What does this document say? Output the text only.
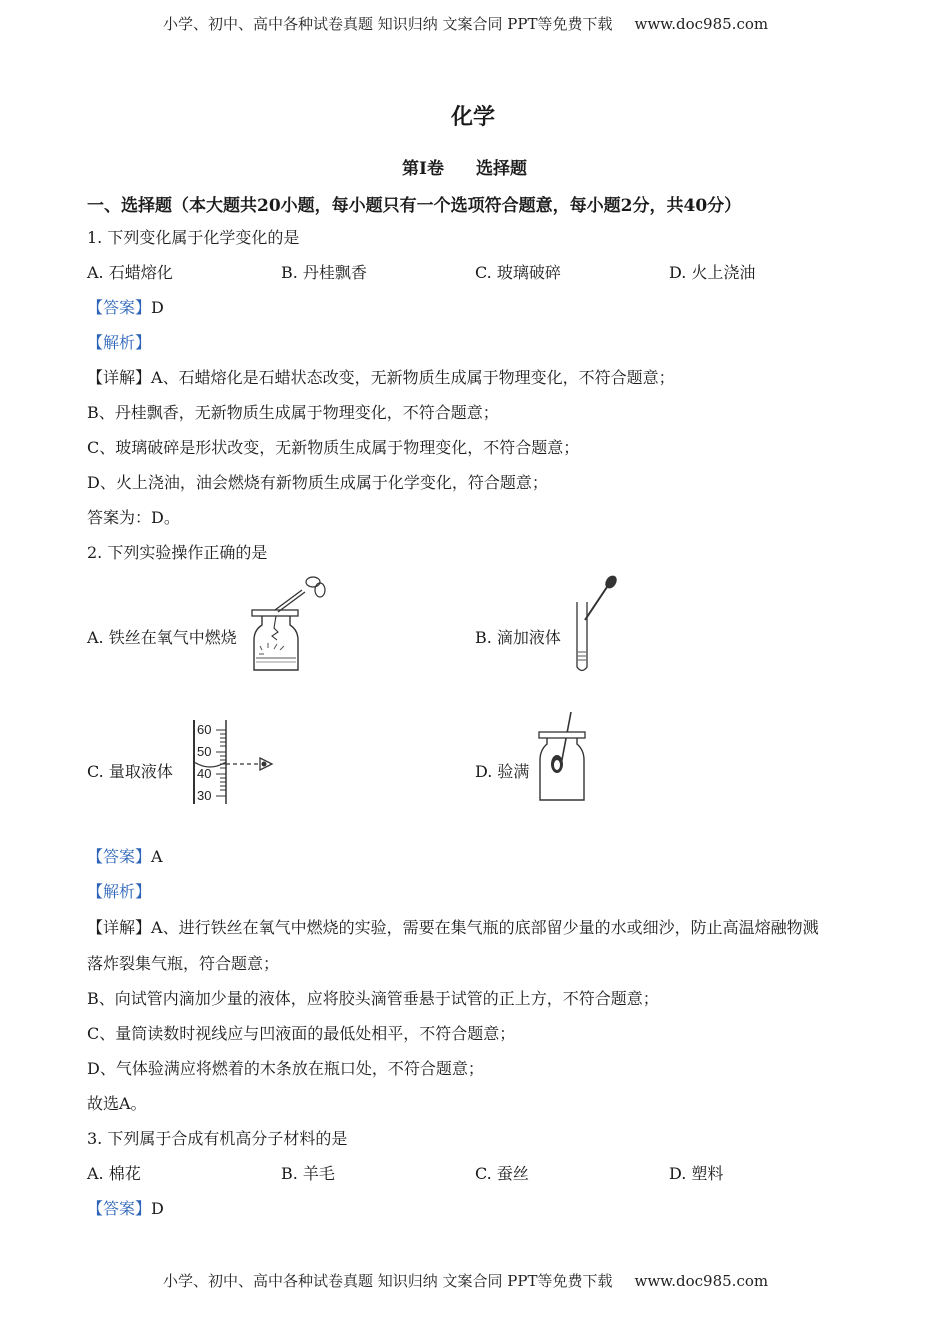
小学、初中、高中各种试卷真题 知识归纳 文案合同 PPT等免费下载 www.doc985.com
化学
第Ⅰ卷 选择题
一、选择题（本大题共20小题，每小题只有一个选项符合题意，每小题2分，共40分）
1. 下列变化属于化学变化的是
A. 石蜡熔化	B. 丹桂飘香	C. 玻璃破碎	D. 火上浇油
【答案】D
【解析】
【详解】A、石蜡熔化是石蜡状态改变，无新物质生成属于物理变化，不符合题意；
B、丹桂飘香，无新物质生成属于物理变化，不符合题意；
C、玻璃破碎是形状改变，无新物质生成属于物理变化，不符合题意；
D、火上浇油，油会燃烧有新物质生成属于化学变化，符合题意；
答案为：D。
2. 下列实验操作正确的是
A. 铁丝在氧气中燃烧	B. 滴加液体
C. 量取液体	D. 验满
60
50
40
30
【答案】A
【解析】
【详解】A、进行铁丝在氧气中燃烧的实验，需要在集气瓶的底部留少量的水或细沙，防止高温熔融物溅
落炸裂集气瓶，符合题意；
B、向试管内滴加少量的液体，应将胶头滴管垂悬于试管的正上方，不符合题意；
C、量筒读数时视线应与凹液面的最低处相平，不符合题意；
D、气体验满应将燃着的木条放在瓶口处，不符合题意；
故选A。
3. 下列属于合成有机高分子材料的是
A. 棉花	B. 羊毛	C. 蚕丝	D. 塑料
【答案】D
小学、初中、高中各种试卷真题 知识归纳 文案合同 PPT等免费下载 www.doc985.com
